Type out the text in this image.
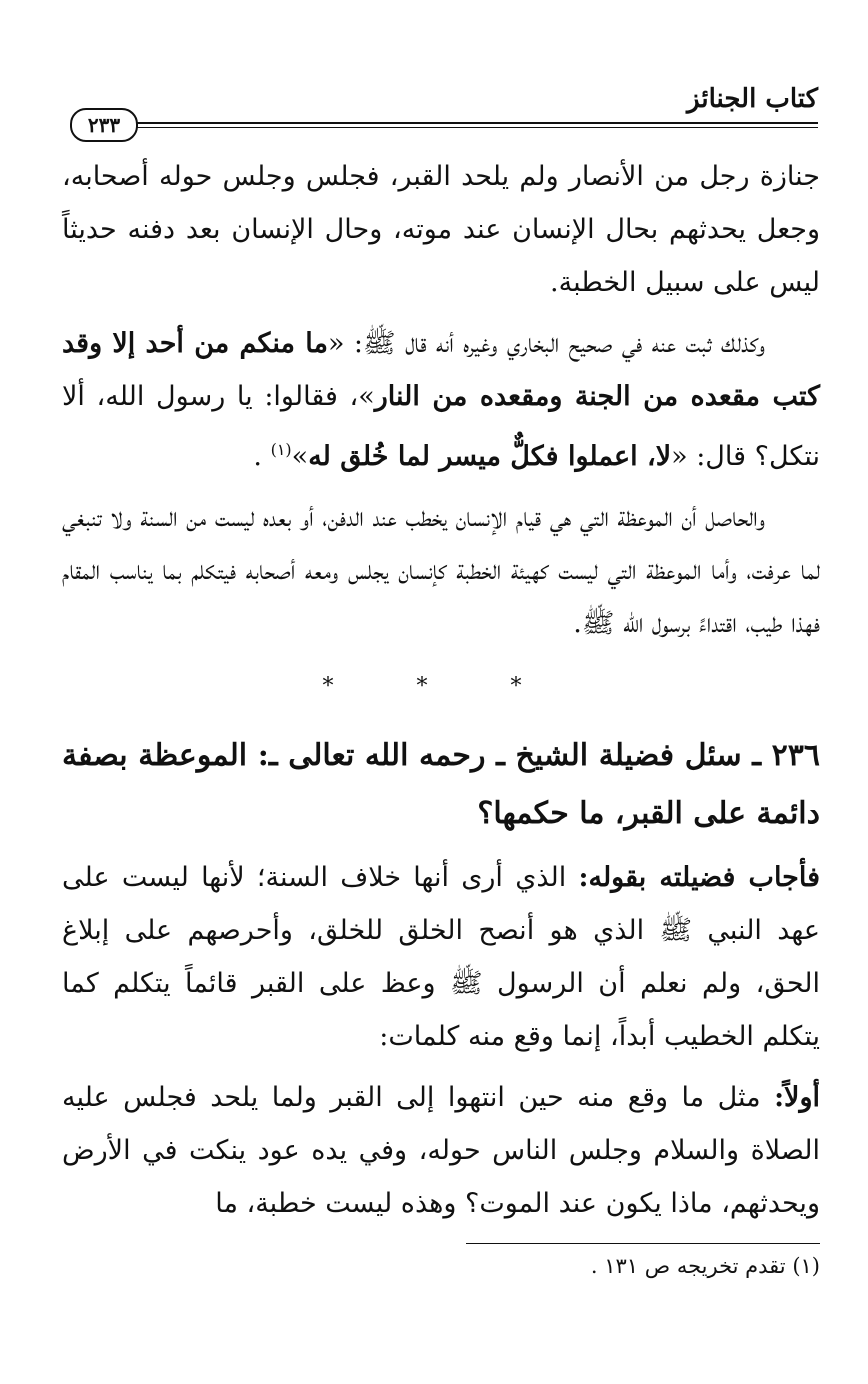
كتاب الجنائز
٢٣٣

جنازة رجل من الأنصار ولم يلحد القبر، فجلس وجلس حوله أصحابه، وجعل يحدثهم بحال الإنسان عند موته، وحال الإنسان بعد دفنه حديثاً ليس على سبيل الخطبة.

وكذلك ثبت عنه في صحيح البخاري وغيره أنه قال ﷺ: «ما منكم من أحد إلا وقد كتب مقعده من الجنة ومقعده من النار»، فقالوا: يا رسول الله، ألا نتكل؟ قال: «لا، اعملوا فكلٌّ ميسر لما خُلق له»$^{(١)}$ .

والحاصل أن الموعظة التي هي قيام الإنسان يخطب عند الدفن، أو بعده ليست من السنة ولا تنبغي لما عرفت، وأما الموعظة التي ليست كهيئة الخطبة كإنسان يجلس ومعه أصحابه فيتكلم بما يناسب المقام فهذا طيب، اقتداءً برسول الله ﷺ.

* * *

٢٣٦ ـ سئل فضيلة الشيخ ـ رحمه الله تعالى ـ: الموعظة بصفة دائمة على القبر، ما حكمها؟

فأجاب فضيلته بقوله: الذي أرى أنها خلاف السنة؛ لأنها ليست على عهد النبي ﷺ الذي هو أنصح الخلق للخلق، وأحرصهم على إبلاغ الحق، ولم نعلم أن الرسول ﷺ وعظ على القبر قائماً يتكلم كما يتكلم الخطيب أبداً، إنما وقع منه كلمات:

أولاً: مثل ما وقع منه حين انتهوا إلى القبر ولما يلحد فجلس عليه الصلاة والسلام وجلس الناس حوله، وفي يده عود ينكت في الأرض ويحدثهم، ماذا يكون عند الموت؟ وهذه ليست خطبة، ما

(١) تقدم تخريجه ص ١٣١ .
